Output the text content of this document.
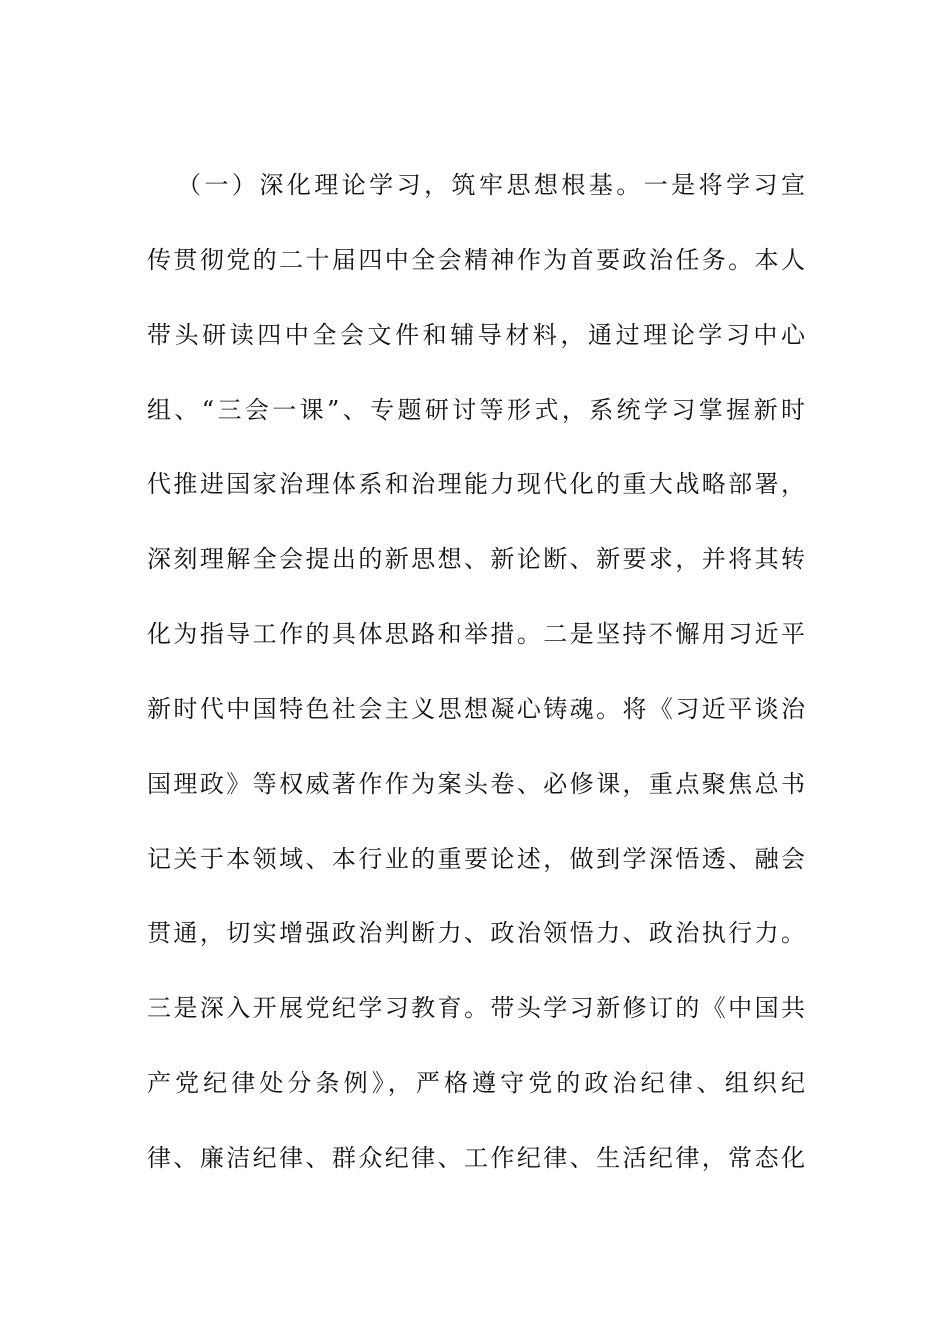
（一）深化理论学习，筑牢思想根基。一是将学习宣
传贯彻党的二十届四中全会精神作为首要政治任务。本人
带头研读四中全会文件和辅导材料，通过理论学习中心
组、“三会一课”、专题研讨等形式，系统学习掌握新时
代推进国家治理体系和治理能力现代化的重大战略部署，
深刻理解全会提出的新思想、新论断、新要求，并将其转
化为指导工作的具体思路和举措。二是坚持不懈用习近平
新时代中国特色社会主义思想凝心铸魂。将《习近平谈治
国理政》等权威著作作为案头卷、必修课，重点聚焦总书
记关于本领域、本行业的重要论述，做到学深悟透、融会
贯通，切实增强政治判断力、政治领悟力、政治执行力。
三是深入开展党纪学习教育。带头学习新修订的《中国共
产党纪律处分条例》，严格遵守党的政治纪律、组织纪
律、廉洁纪律、群众纪律、工作纪律、生活纪律，常态化
